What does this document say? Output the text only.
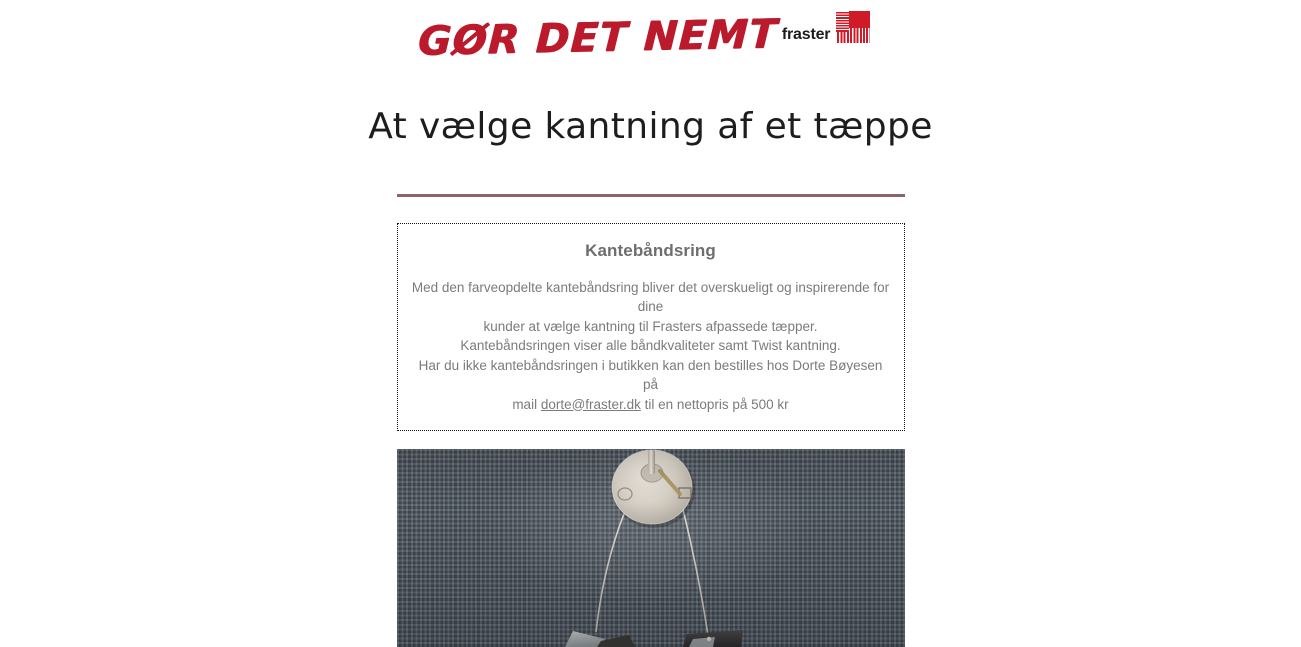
GØR DET NEMT fraster
At vælge kantning af et tæppe
Kantebåndsring
Med den farveopdelte kantebåndsring bliver det overskueligt og inspirerende for dine
kunder at vælge kantning til Frasters afpassede tæpper.
Kantebåndsringen viser alle båndkvaliteter samt Twist kantning.
Har du ikke kantebåndsringen i butikken kan den bestilles hos Dorte Bøyesen på
mail dorte@fraster.dk til en nettopris på 500 kr
